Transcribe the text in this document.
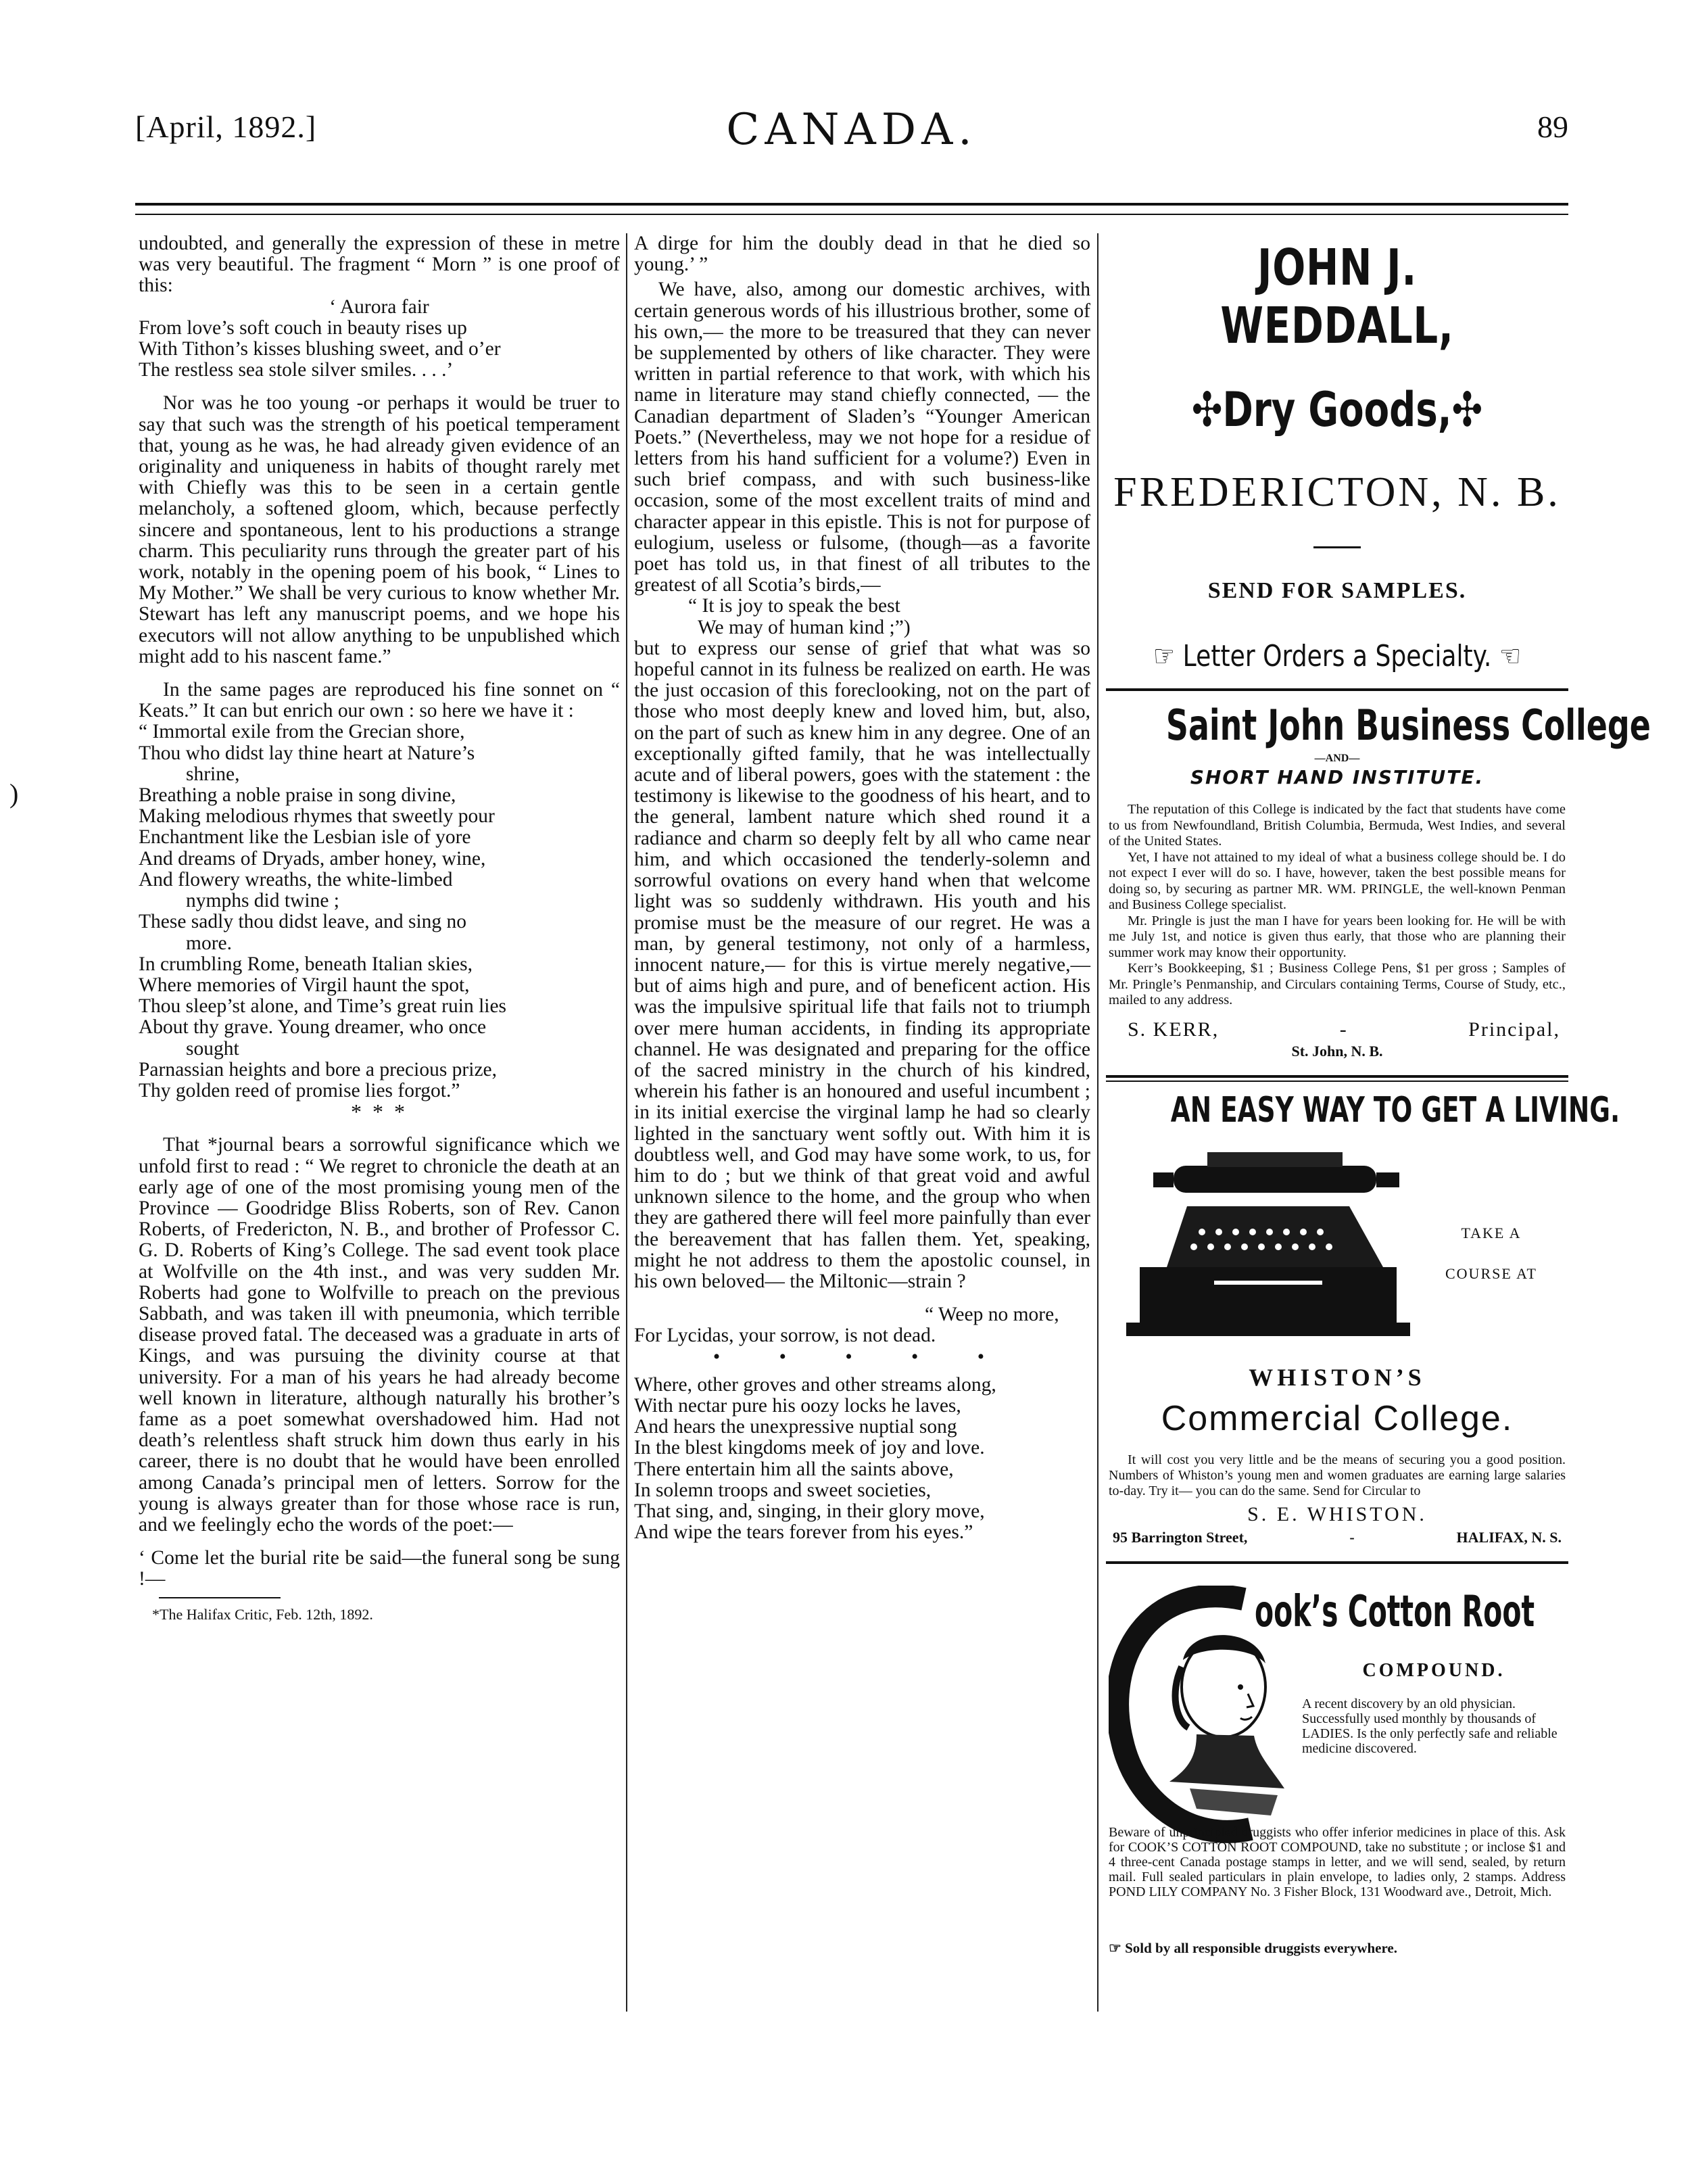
[April, 1892.]	CANADA.	89
)

undoubted, and generally the expression of these in metre was very beautiful. The fragment “ Morn ” is one proof of this:

‘ Aurora fair
From love’s soft couch in beauty rises up
With Tithon’s kisses blushing sweet, and o’er
The restless sea stole silver smiles. . . .’

Nor was he too young -or perhaps it would be truer to say that such was the strength of his poetical temperament that, young as he was, he had already given evidence of an originality and uniqueness in habits of thought rarely met with Chiefly was this to be seen in a certain gentle melancholy, a softened gloom, which, because perfectly sincere and spontaneous, lent to his productions a strange charm. This peculiarity runs through the greater part of his work, notably in the opening poem of his book, “ Lines to My Mother.” We shall be very curious to know whether Mr. Stewart has left any manuscript poems, and we hope his executors will not allow anything to be unpublished which might add to his nascent fame.”

In the same pages are reproduced his fine sonnet on “ Keats.” It can but enrich our own : so here we have it :

“ Immortal exile from the Grecian shore,
Thou who didst lay thine heart at Nature’s
shrine,
Breathing a noble praise in song divine,
Making melodious rhymes that sweetly pour
Enchantment like the Lesbian isle of yore
And dreams of Dryads, amber honey, wine,
And flowery wreaths, the white-limbed
nymphs did twine ;
These sadly thou didst leave, and sing no
more.
In crumbling Rome, beneath Italian skies,
Where memories of Virgil haunt the spot,
Thou sleep’st alone, and Time’s great ruin lies
About thy grave. Young dreamer, who once
sought
Parnassian heights and bore a precious prize,
Thy golden reed of promise lies forgot.”
* * *

That *journal bears a sorrowful significance which we unfold first to read : “ We regret to chronicle the death at an early age of one of the most promising young men of the Province — Goodridge Bliss Roberts, son of Rev. Canon Roberts, of Fredericton, N. B., and brother of Professor C. G. D. Roberts of King’s College. The sad event took place at Wolfville on the 4th inst., and was very sudden Mr. Roberts had gone to Wolfville to preach on the previous Sabbath, and was taken ill with pneumonia, which terrible disease proved fatal. The deceased was a graduate in arts of Kings, and was pursuing the divinity course at that university. For a man of his years he had already become well known in literature, although naturally his brother’s fame as a poet somewhat overshadowed him. Had not death’s relentless shaft struck him down thus early in his career, there is no doubt that he would have been enrolled among Canada’s principal men of letters. Sorrow for the young is always greater than for those whose race is run, and we feelingly echo the words of the poet:—

‘ Come let the burial rite be said—the funeral song be sung !—

*The Halifax Critic, Feb. 12th, 1892.

A dirge for him the doubly dead in that he died so young.’ ”

We have, also, among our domestic archives, with certain generous words of his illustrious brother, some of his own,— the more to be treasured that they can never be supplemented by others of like character. They were written in partial reference to that work, with which his name in literature may stand chiefly connected, — the Canadian department of Sladen’s “Younger American Poets.” (Nevertheless, may we not hope for a residue of letters from his hand sufficient for a volume?) Even in such brief compass, and with such business-like occasion, some of the most excellent traits of mind and character appear in this epistle. This is not for purpose of eulogium, useless or fulsome, (though—as a favorite poet has told us, in that finest of all tributes to the greatest of all Scotia’s birds,—

“ It is joy to speak the best
We may of human kind ;”)

but to express our sense of grief that what was so hopeful cannot in its fulness be realized on earth. He was the just occasion of this foreclooking, not on the part of those who most deeply knew and loved him, but, also, on the part of such as knew him in any degree. One of an exceptionally gifted family, that he was intellectually acute and of liberal powers, goes with the statement : the testimony is likewise to the goodness of his heart, and to the general, lambent nature which shed round it a radiance and charm so deeply felt by all who came near him, and which occasioned the tenderly-solemn and sorrowful ovations on every hand when that welcome light was so suddenly withdrawn. His youth and his promise must be the measure of our regret. He was a man, by general testimony, not only of a harmless, innocent nature,— for this is virtue merely negative,—but of aims high and pure, and of beneficent action. His was the impulsive spiritual life that fails not to triumph over mere human accidents, in finding its appropriate channel. He was designated and preparing for the office of the sacred ministry in the church of his kindred, wherein his father is an honoured and useful incumbent ; in its initial exercise the virginal lamp he had so clearly lighted in the sanctuary went softly out. With him it is doubtless well, and God may have some work, to us, for him to do ; but we think of that great void and awful unknown silence to the home, and the group who when they are gathered there will feel more painfully than ever the bereavement that has fallen them. Yet, speaking, might he not address to them the apostolic counsel, in his own beloved— the Miltonic—strain ?

“ Weep no more,
For Lycidas, your sorrow, is not dead.
• • • • •
Where, other groves and other streams along,
With nectar pure his oozy locks he laves,
And hears the unexpressive nuptial song
In the blest kingdoms meek of joy and love.
There entertain him all the saints above,
In solemn troops and sweet societies,
That sing, and, singing, in their glory move,
And wipe the tears forever from his eyes.”
JOHN J. WEDDALL,
✣Dry Goods,✣
FREDERICTON, N. B.
SEND FOR SAMPLES.
☞ Letter Orders a Specialty. ☜
Saint John Business College
—AND—
SHORT HAND INSTITUTE.

The reputation of this College is indicated by the fact that students have come to us from Newfoundland, British Columbia, Bermuda, West Indies, and several of the United States.

Yet, I have not attained to my ideal of what a business college should be. I do not expect I ever will do so. I have, however, taken the best possible means for doing so, by securing as partner MR. WM. PRINGLE, the well-known Penman and Business College specialist.

Mr. Pringle is just the man I have for years been looking for. He will be with me July 1st, and notice is given thus early, that those who are planning their summer work may know their opportunity.

Kerr’s Bookkeeping, $1 ; Business College Pens, $1 per gross ; Samples of Mr. Pringle’s Penmanship, and Circulars containing Terms, Course of Study, etc., mailed to any address.

S. KERR,	-	Principal,
St. John, N. B.
AN EASY WAY TO GET A LIVING.
TAKE A
COURSE AT
WHISTON’S
Commercial College.

It will cost you very little and be the means of securing you a good position. Numbers of Whiston’s young men and women graduates are earning large salaries to-day. Try it— you can do the same. Send for Circular to

S. E. WHISTON.
95 Barrington Street,	-	HALIFAX, N. S.
ook’s Cotton Root
COMPOUND.
A recent discovery by an old physician. Successfully used monthly by thousands of LADIES. Is the only perfectly safe and reliable medicine discovered.
Beware of unprincipled druggists who offer inferior medicines in place of this. Ask for COOK’S COTTON ROOT COMPOUND, take no substitute ; or inclose $1 and 4 three-cent Canada postage stamps in letter, and we will send, sealed, by return mail. Full sealed particulars in plain envelope, to ladies only, 2 stamps. Address POND LILY COMPANY No. 3 Fisher Block, 131 Woodward ave., Detroit, Mich.
☞ Sold by all responsible druggists everywhere.
